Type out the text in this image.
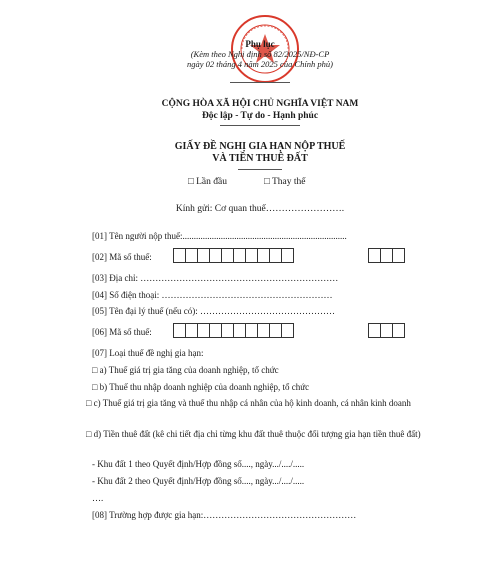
Phụ lục
(Kèm theo Nghị định số 82/2025/NĐ-CP
ngày 02 tháng 4 năm 2025 của Chính phủ)
CỘNG HÒA XÃ HỘI CHỦ NGHĨA VIỆT NAM
Độc lập - Tự do - Hạnh phúc
GIẤY ĐỀ NGHỊ GIA HẠN NỘP THUẾ
VÀ TIỀN THUÊ ĐẤT
□ Lần đầu	□ Thay thế
Kính gửi: Cơ quan thuế…………………….
[01] Tên người nộp thuế:.........................................................................
[02] Mã số thuế:
[03] Địa chỉ: …………………………………………………………
[04] Số điện thoại: …………………………………………………
[05] Tên đại lý thuế (nếu có): ………………………………………
[06] Mã số thuế:
[07] Loại thuế đề nghị gia hạn:
□ a) Thuế giá trị gia tăng của doanh nghiệp, tổ chức
□ b) Thuế thu nhập doanh nghiệp của doanh nghiệp, tổ chức
□ c) Thuế giá trị gia tăng và thuế thu nhập cá nhân của hộ kinh doanh, cá nhân kinh doanh
□ d) Tiền thuê đất (kê chi tiết địa chỉ từng khu đất thuê thuộc đối tượng gia hạn tiền thuê đất)
- Khu đất 1 theo Quyết định/Hợp đồng số...., ngày.../..../.....
- Khu đất 2 theo Quyết định/Hợp đồng số...., ngày.../..../.....
….
[08] Trường hợp được gia hạn:……………………………………………
